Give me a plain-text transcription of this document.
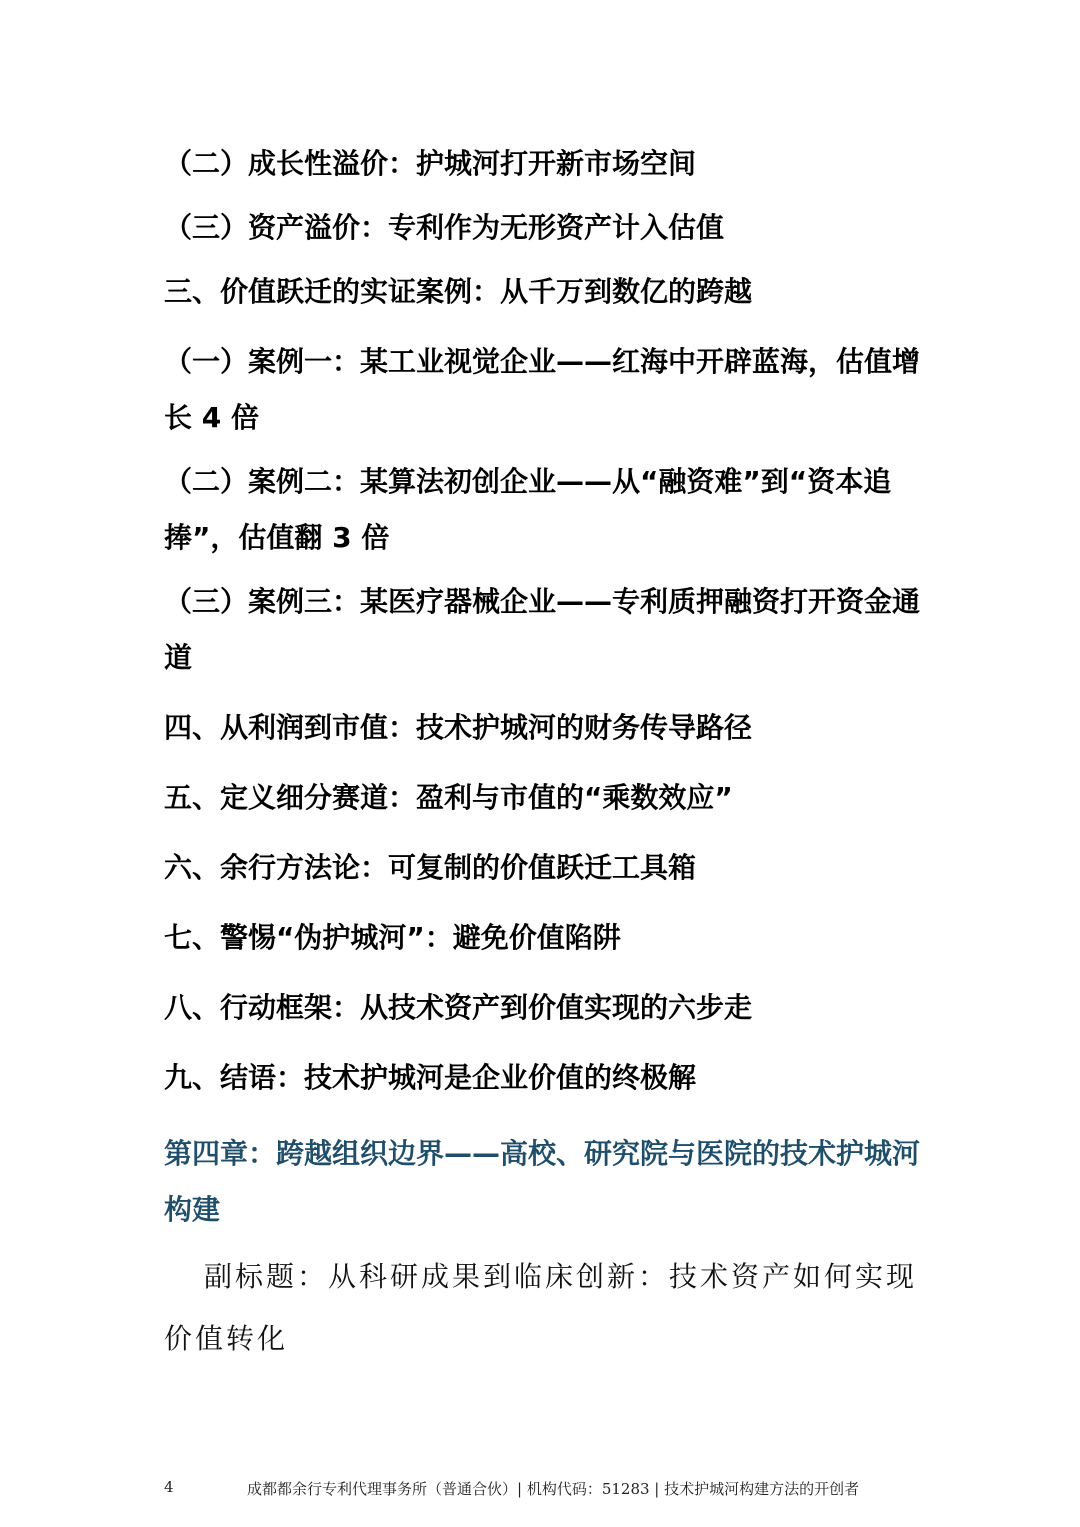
（二）成长性溢价：护城河打开新市场空间

（三）资产溢价：专利作为无形资产计入估值

三、价值跃迁的实证案例：从千万到数亿的跨越

（一）案例一：某工业视觉企业——红海中开辟蓝海，估值增长 4 倍

（二）案例二：某算法初创企业——从“融资难”到“资本追捧”，估值翻 3 倍

（三）案例三：某医疗器械企业——专利质押融资打开资金通道

四、从利润到市值：技术护城河的财务传导路径

五、定义细分赛道：盈利与市值的“乘数效应”

六、余行方法论：可复制的价值跃迁工具箱

七、警惕“伪护城河”：避免价值陷阱

八、行动框架：从技术资产到价值实现的六步走

九、结语：技术护城河是企业价值的终极解

第四章：跨越组织边界——高校、研究院与医院的技术护城河构建

副标题：从科研成果到临床创新：技术资产如何实现价值转化

4	成都都余行专利代理事务所（普通合伙）| 机构代码：51283 | 技术护城河构建方法的开创者
